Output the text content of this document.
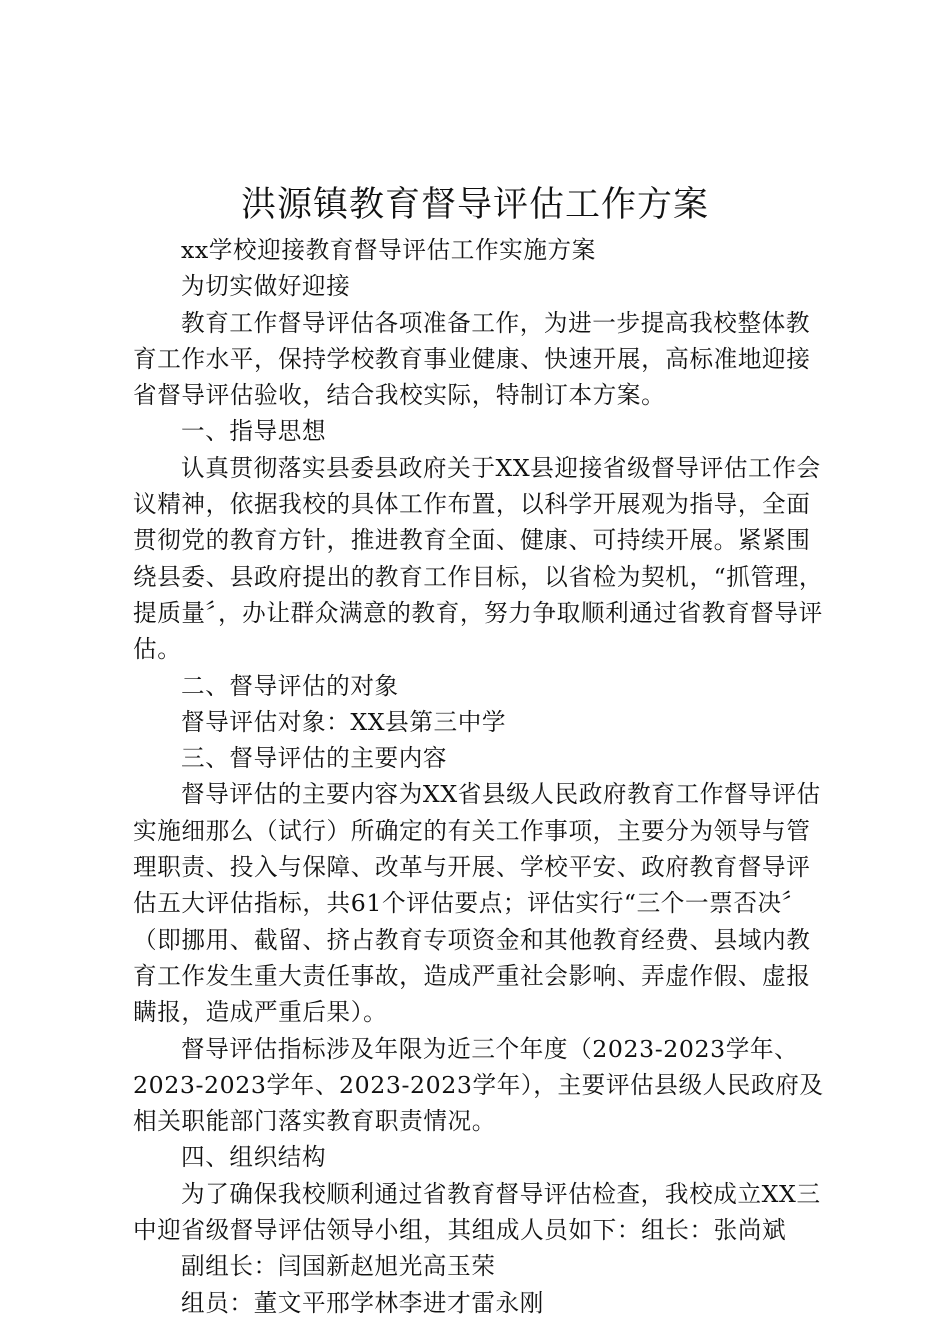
洪源镇教育督导评估工作方案

xx学校迎接教育督导评估工作实施方案

为切实做好迎接

教育工作督导评估各项准备工作，为进一步提高我校整体教育工作水平，保持学校教育事业健康、快速开展，高标准地迎接省督导评估验收，结合我校实际，特制订本方案。

一、指导思想

认真贯彻落实县委县政府关于XX县迎接省级督导评估工作会议精神，依据我校的具体工作布置，以科学开展观为指导，全面贯彻党的教育方针，推进教育全面、健康、可持续开展。紧紧围绕县委、县政府提出的教育工作目标，以省检为契机，“抓管理，提质量〞，办让群众满意的教育，努力争取顺利通过省教育督导评估。

二、督导评估的对象

督导评估对象：XX县第三中学

三、督导评估的主要内容

督导评估的主要内容为XX省县级人民政府教育工作督导评估实施细那么（试行）所确定的有关工作事项，主要分为领导与管理职责、投入与保障、改革与开展、学校平安、政府教育督导评估五大评估指标，共61个评估要点；评估实行“三个一票否决〞（即挪用、截留、挤占教育专项资金和其他教育经费、县域内教育工作发生重大责任事故，造成严重社会影响、弄虚作假、虚报瞒报，造成严重后果）。

督导评估指标涉及年限为近三个年度（2023-2023学年、2023-2023学年、2023-2023学年），主要评估县级人民政府及相关职能部门落实教育职责情况。

四、组织结构

为了确保我校顺利通过省教育督导评估检查，我校成立XX三中迎省级督导评估领导小组，其组成人员如下：组长：张尚斌

副组长：闫国新赵旭光高玉荣

组员：董文平邢学林李进才雷永刚
